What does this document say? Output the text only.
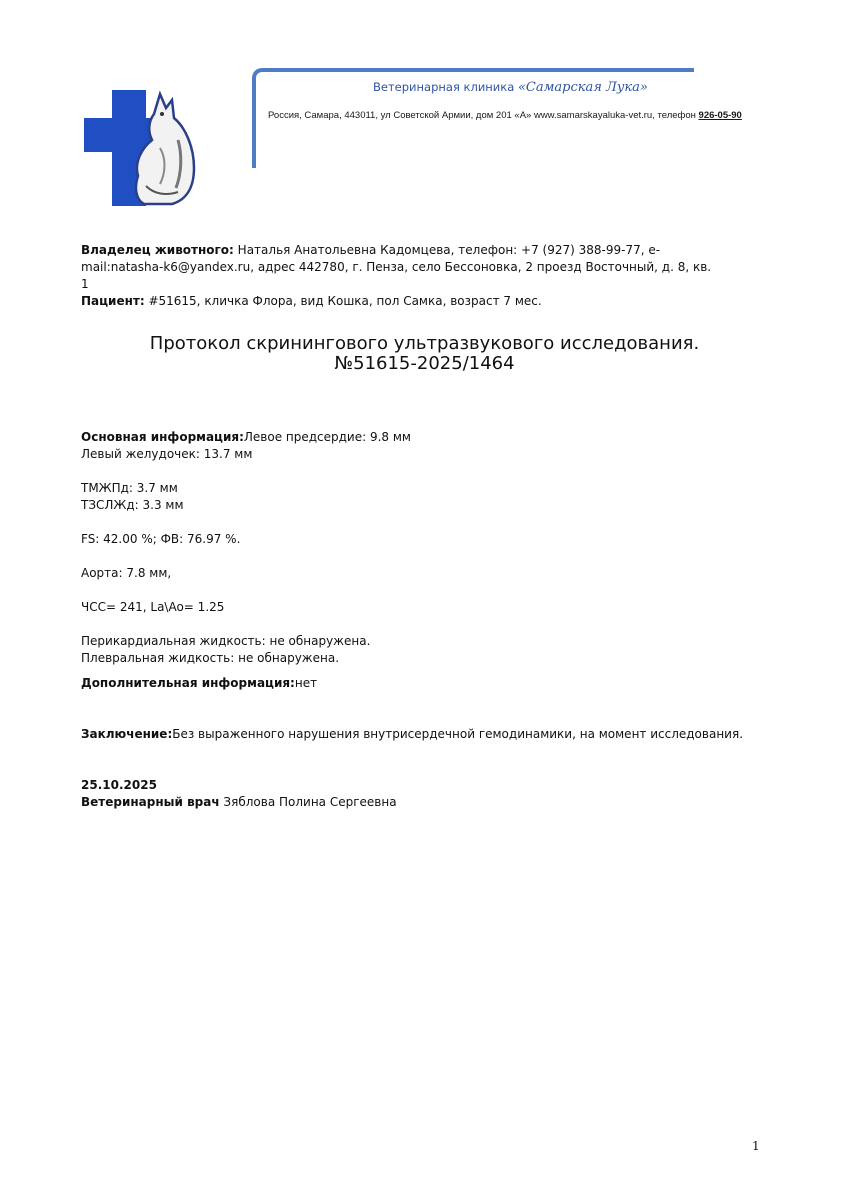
Ветеринарная клиника «Самарская Лука»
Россия, Самара, 443011, ул Советской Армии, дом 201 «А» www.samarskayaluka-vet.ru, телефон 926-05-90
Владелец животного: Наталья Анатольевна Кадомцева, телефон: +7 (927) 388-99-77, e-mail:natasha-k6@yandex.ru, адрес 442780, г. Пенза, село Бессоновка, 2 проезд Восточный, д. 8, кв. 1
Пациент: #51615, кличка Флора, вид Кошка, пол Самка, возраст 7 мес.
Протокол скринингового ультразвукового исследования.
№51615-2025/1464
Основная информация:Левое предсердие: 9.8 мм
Левый желудочек: 13.7 мм
ТМЖПд: 3.7 мм
ТЗСЛЖд: 3.3 мм
FS: 42.00 %; ФВ: 76.97 %.
Аорта: 7.8 мм,
ЧСС= 241, La\Ao= 1.25
Перикардиальная жидкость: не обнаружена.
Плевральная жидкость: не обнаружена.
Дополнительная информация:нет
Заключение:Без выраженного нарушения внутрисердечной гемодинамики, на момент исследования.
25.10.2025
Ветеринарный врач Зяблова Полина Сергеевна
1
